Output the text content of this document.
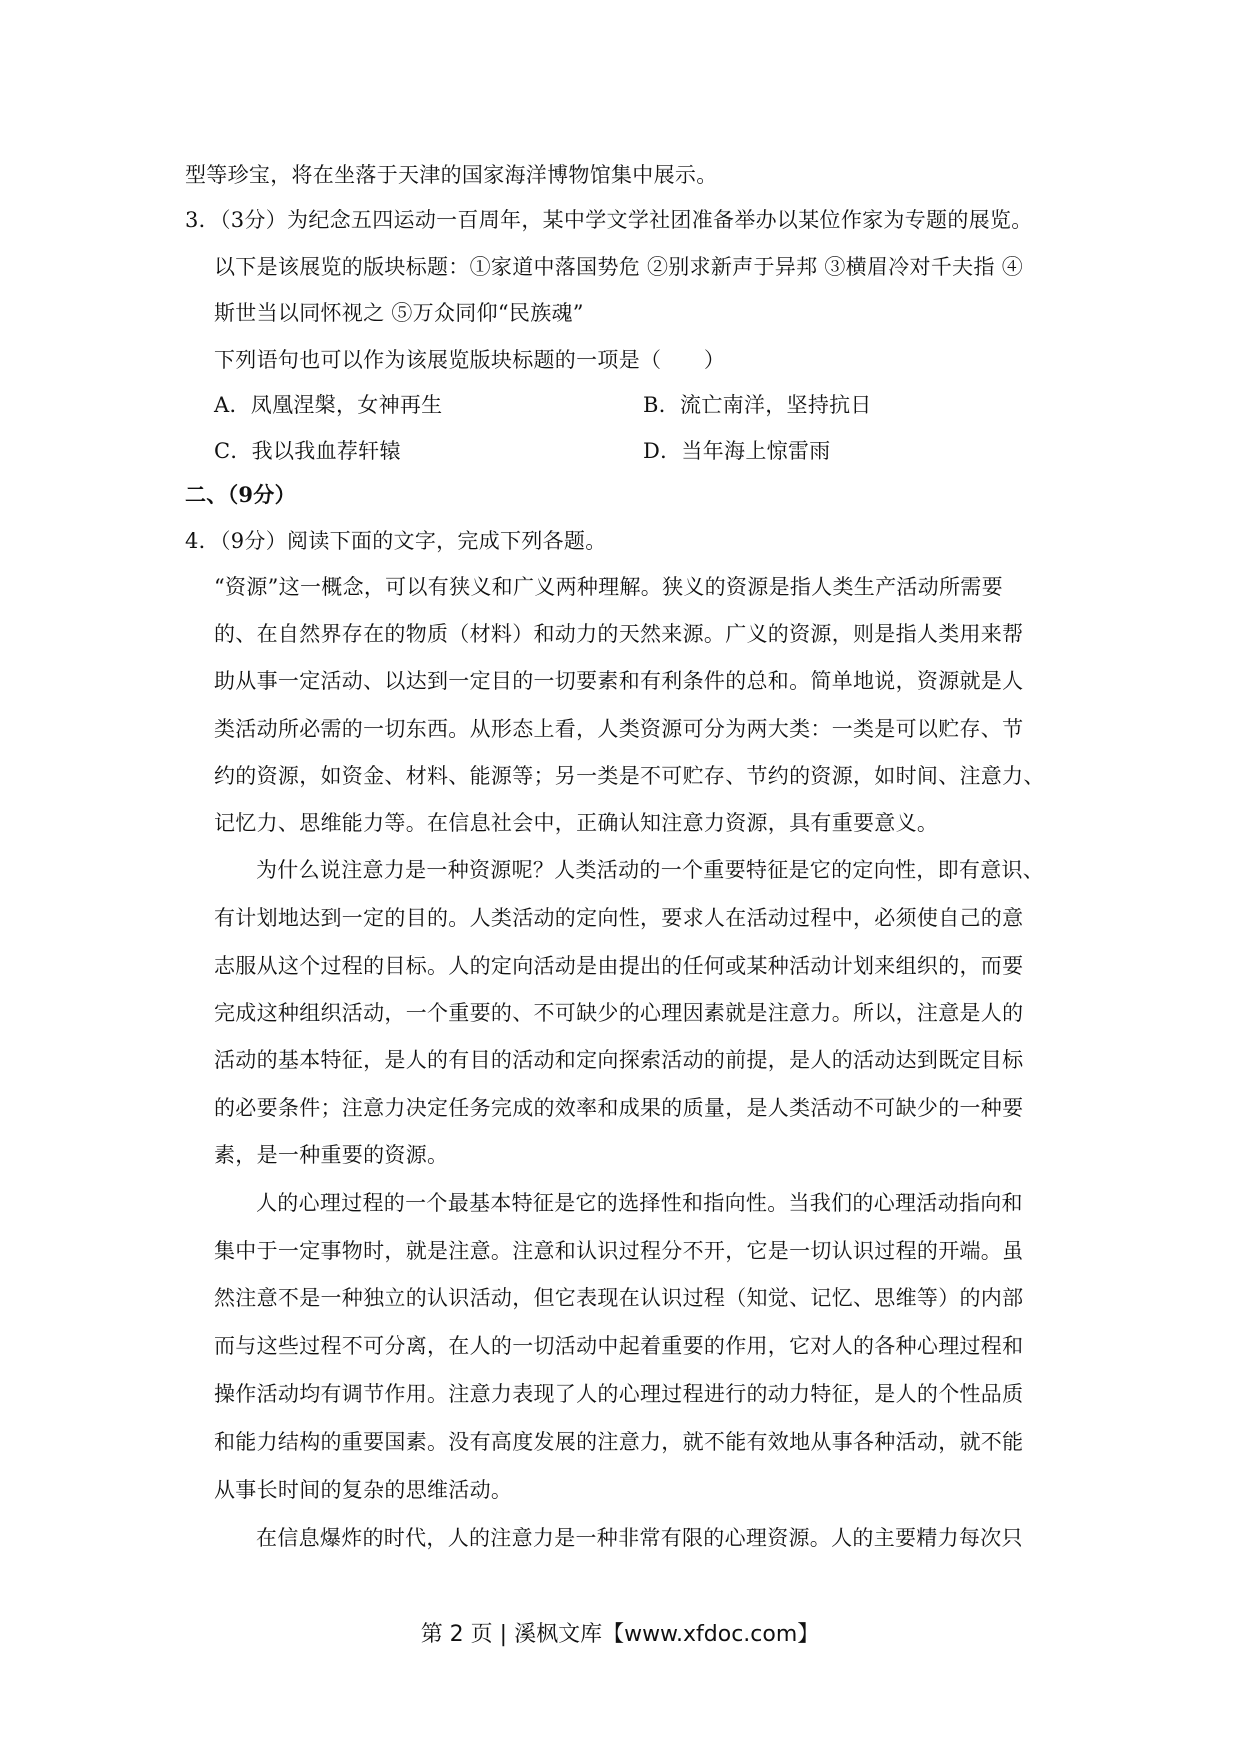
型等珍宝，将在坐落于天津的国家海洋博物馆集中展示。
3．（3分）为纪念五四运动一百周年，某中学文学社团准备举办以某位作家为专题的展览。
以下是该展览的版块标题：①家道中落国势危 ②别求新声于异邦 ③横眉冷对千夫指 ④
斯世当以同怀视之 ⑤万众同仰“民族魂”
下列语句也可以作为该展览版块标题的一项是（　　）
A．凤凰涅槃，女神再生	B．流亡南洋，坚持抗日
C．我以我血荐轩辕	D．当年海上惊雷雨
二、（9分）
4．（9分）阅读下面的文字，完成下列各题。
“资源”这一概念，可以有狭义和广义两种理解。狭义的资源是指人类生产活动所需要
的、在自然界存在的物质（材料）和动力的天然来源。广义的资源，则是指人类用来帮
助从事一定活动、以达到一定目的一切要素和有利条件的总和。简单地说，资源就是人
类活动所必需的一切东西。从形态上看，人类资源可分为两大类：一类是可以贮存、节
约的资源，如资金、材料、能源等；另一类是不可贮存、节约的资源，如时间、注意力、
记忆力、思维能力等。在信息社会中，正确认知注意力资源，具有重要意义。
为什么说注意力是一种资源呢？人类活动的一个重要特征是它的定向性，即有意识、
有计划地达到一定的目的。人类活动的定向性，要求人在活动过程中，必须使自己的意
志服从这个过程的目标。人的定向活动是由提出的任何或某种活动计划来组织的，而要
完成这种组织活动，一个重要的、不可缺少的心理因素就是注意力。所以，注意是人的
活动的基本特征，是人的有目的活动和定向探索活动的前提，是人的活动达到既定目标
的必要条件；注意力决定任务完成的效率和成果的质量，是人类活动不可缺少的一种要
素，是一种重要的资源。
人的心理过程的一个最基本特征是它的选择性和指向性。当我们的心理活动指向和
集中于一定事物时，就是注意。注意和认识过程分不开，它是一切认识过程的开端。虽
然注意不是一种独立的认识活动，但它表现在认识过程（知觉、记忆、思维等）的内部
而与这些过程不可分离，在人的一切活动中起着重要的作用，它对人的各种心理过程和
操作活动均有调节作用。注意力表现了人的心理过程进行的动力特征，是人的个性品质
和能力结构的重要国素。没有高度发展的注意力，就不能有效地从事各种活动，就不能
从事长时间的复杂的思维活动。
在信息爆炸的时代，人的注意力是一种非常有限的心理资源。人的主要精力每次只
第 2 页 | 溪枫文库【www.xfdoc.com】
